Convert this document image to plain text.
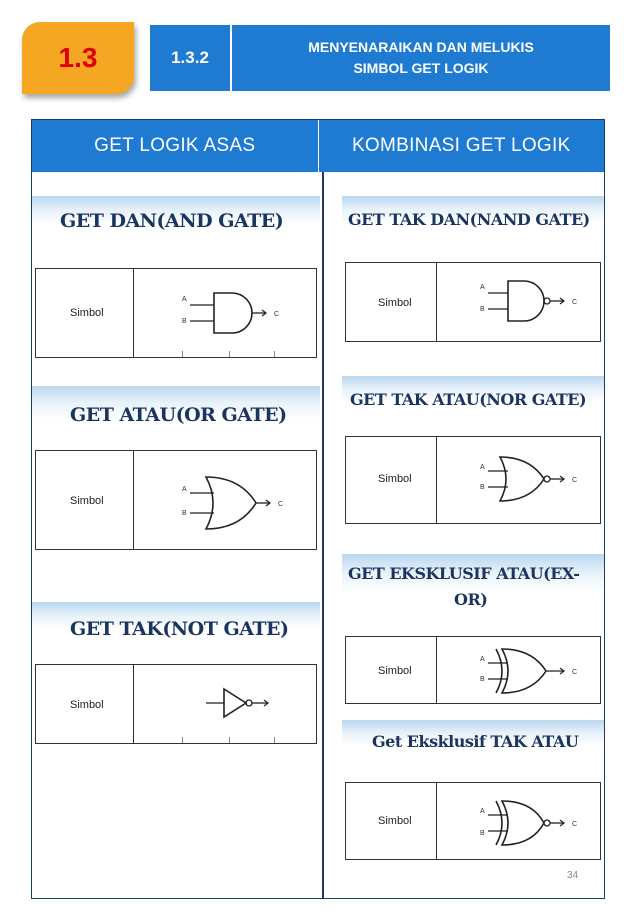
1.3	1.3.2
MENYENARAIKAN DAN MELUKIS
SIMBOL GET LOGIK
GET LOGIK ASAS	KOMBINASI GET LOGIK
GET DAN(AND GATE)
Simbol
A
B
C
GET ATAU(OR GATE)
Simbol
A
B
C
GET TAK(NOT GATE)
Simbol
GET TAK DAN(NAND GATE)
Simbol
A
B
C
GET TAK ATAU(NOR GATE)
Simbol
A
B
C
GET EKSKLUSIF ATAU(EX-
OR)
Simbol
A
B
C
Get Eksklusif TAK ATAU
Simbol
A
B
C
34
